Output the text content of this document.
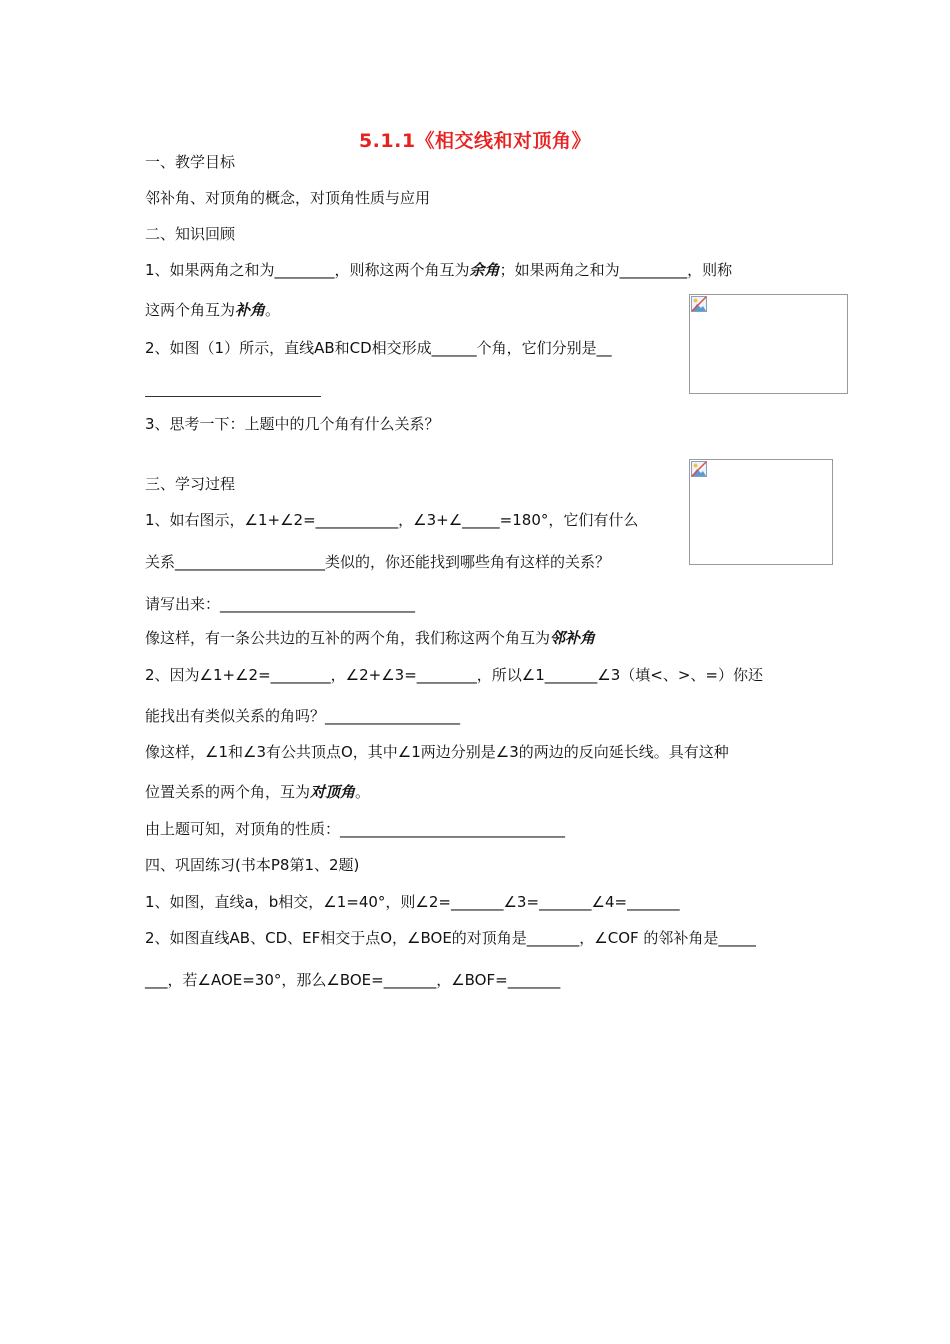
5.1.1《相交线和对顶角》
一、教学目标
邻补角、对顶角的概念，对顶角性质与应用
二、知识回顾
1、如果两角之和为________，则称这两个角互为余角；如果两角之和为_________，则称
这两个角互为补角。
2、如图（1）所示，直线AB和CD相交形成______个角，它们分别是__
3、思考一下：上题中的几个角有什么关系？
三、学习过程
1、如右图示，∠1+∠2=___________，∠3+∠_____=180°，它们有什么
关系____________________类似的，你还能找到哪些角有这样的关系？
请写出来：__________________________
像这样，有一条公共边的互补的两个角，我们称这两个角互为邻补角
2、因为∠1+∠2=________，∠2+∠3=________，所以∠1_______∠3（填<、>、=）你还
能找出有类似关系的角吗？__________________
像这样，∠1和∠3有公共顶点O，其中∠1两边分别是∠3的两边的反向延长线。具有这种
位置关系的两个角，互为对顶角。
由上题可知，对顶角的性质：______________________________
四、巩固练习(书本P8第1、2题)
1、如图，直线a，b相交，∠1=40°，则∠2=_______∠3=_______∠4=_______
2、如图直线AB、CD、EF相交于点O，∠BOE的对顶角是_______，∠COF 的邻补角是_____
___，若∠AOE=30°，那么∠BOE=_______，∠BOF=_______
